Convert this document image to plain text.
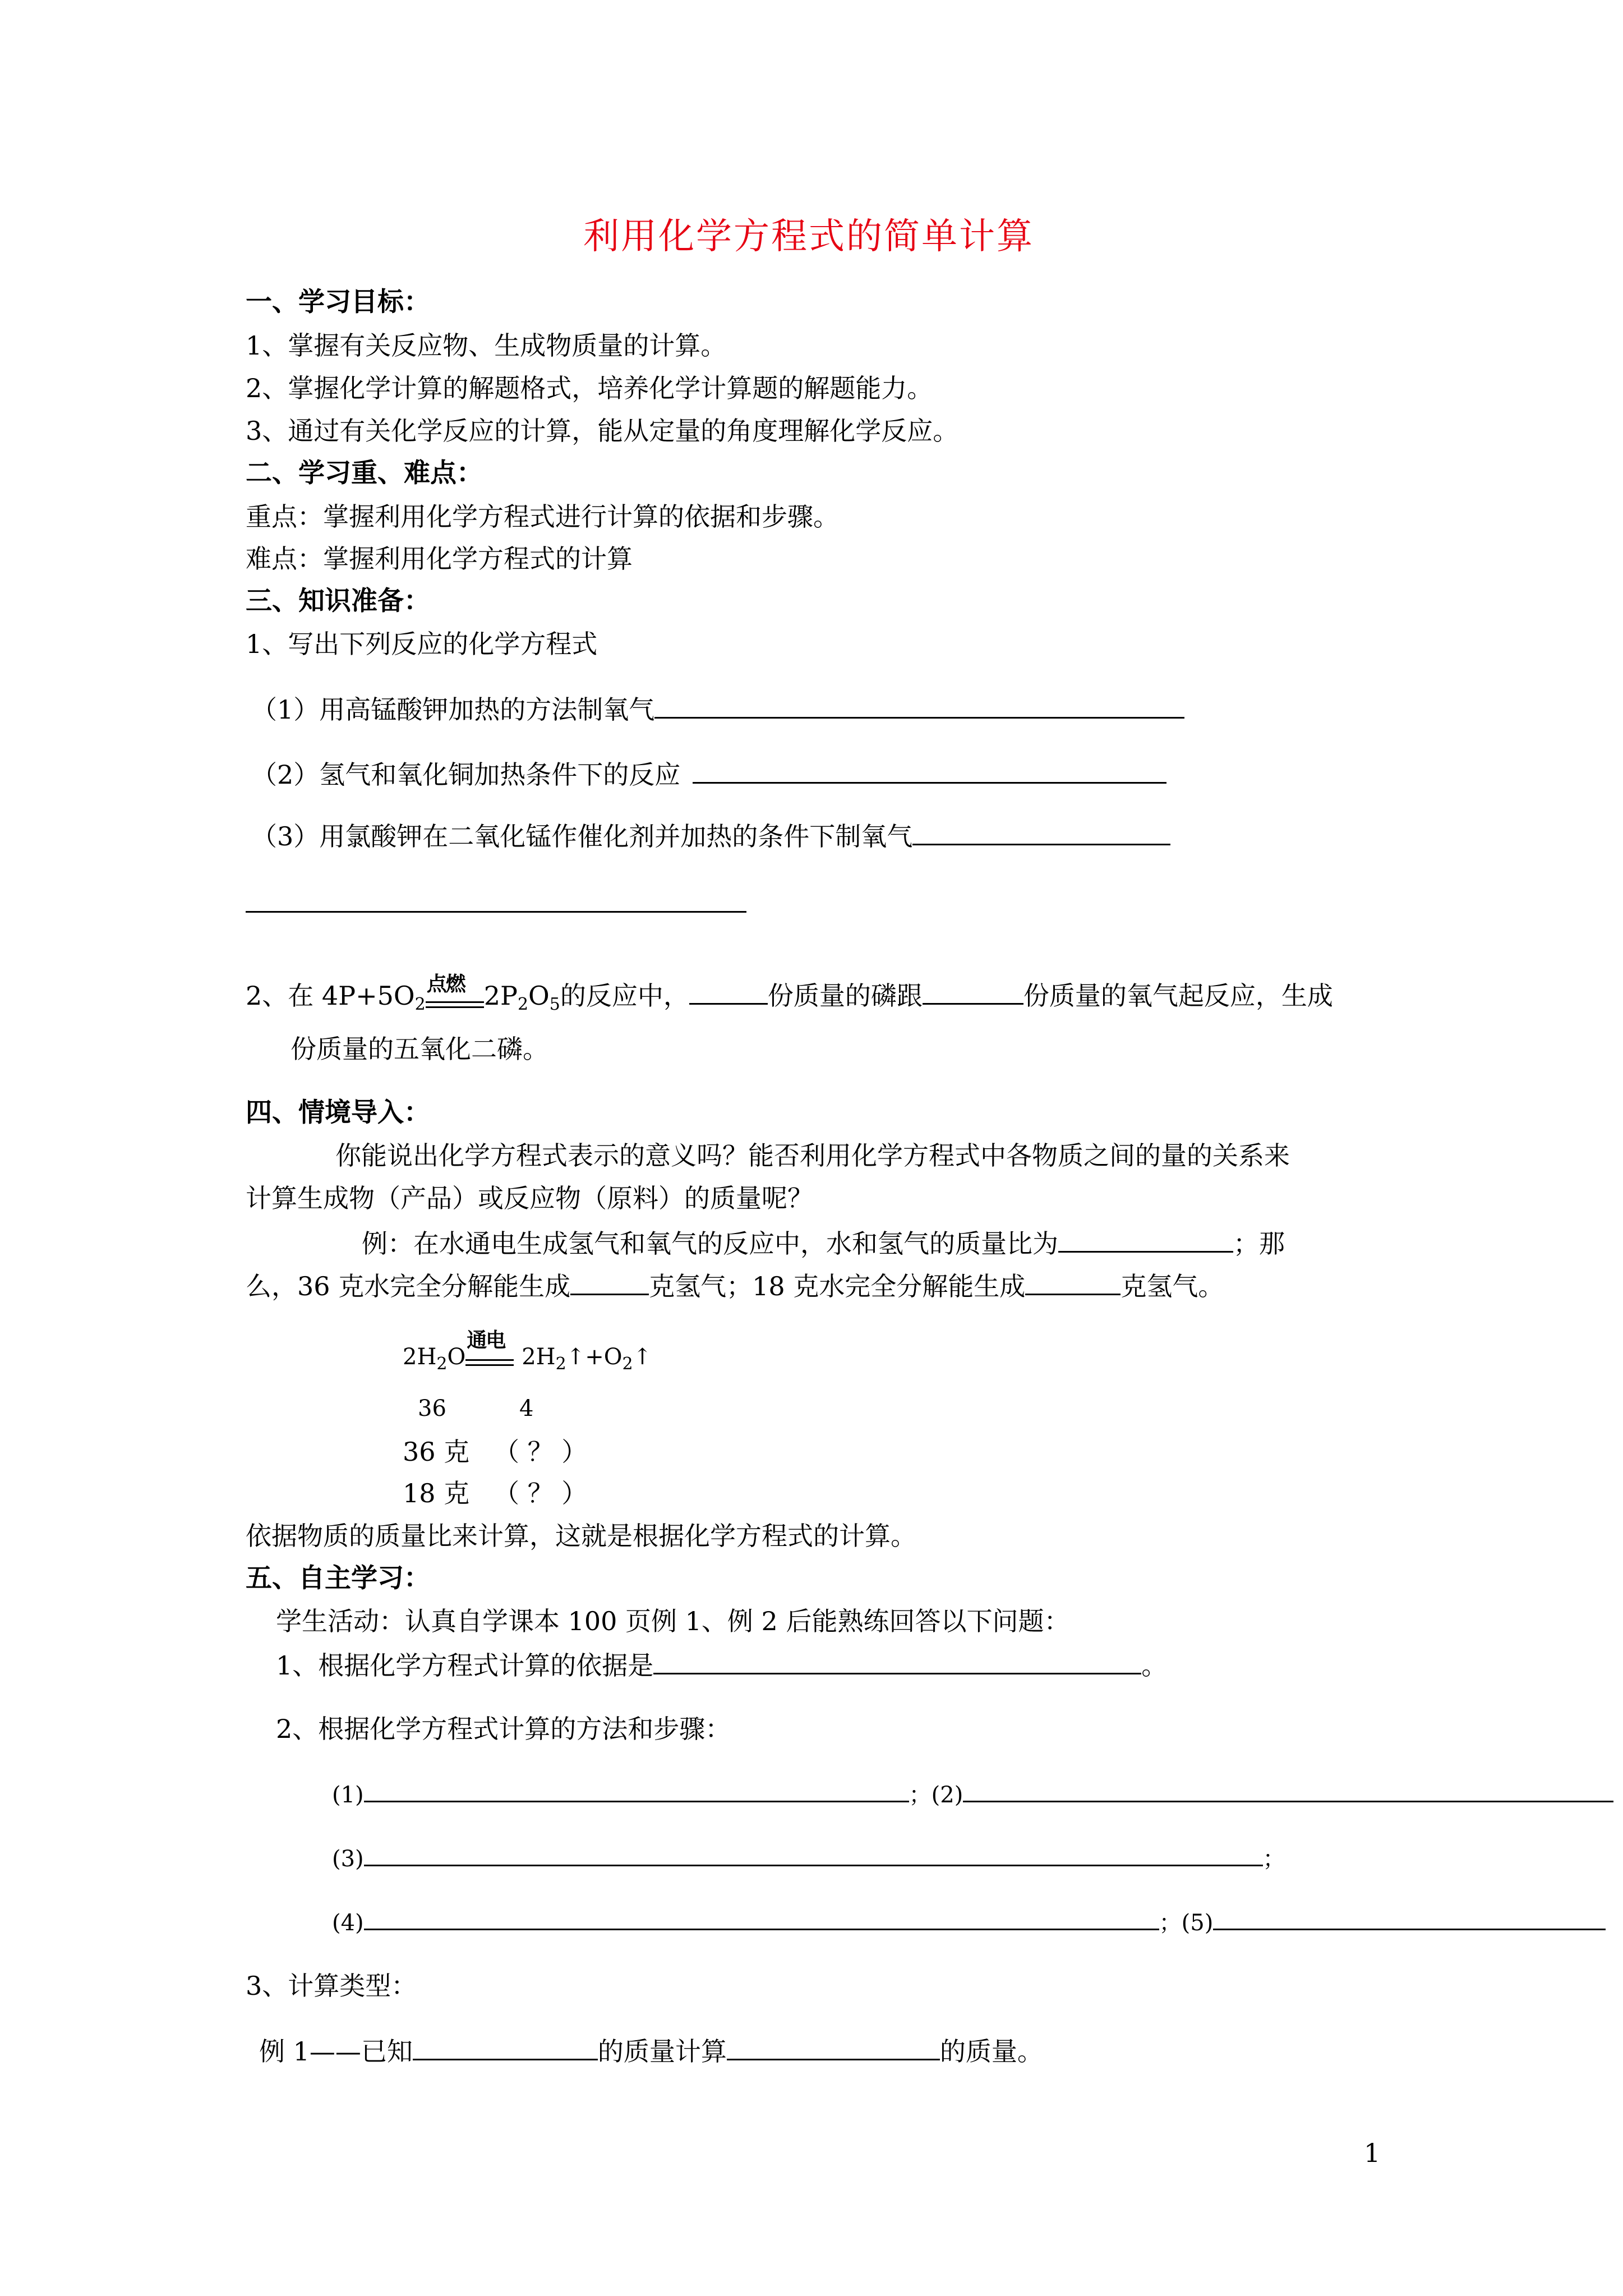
利用化学方程式的简单计算
一、学习目标：
1、掌握有关反应物、生成物质量的计算。
2、掌握化学计算的解题格式，培养化学计算题的解题能力。
3、通过有关化学反应的计算，能从定量的角度理解化学反应。
二、学习重、难点：
重点：掌握利用化学方程式进行计算的依据和步骤。
难点：掌握利用化学方程式的计算
三、知识准备：
1、写出下列反应的化学方程式
（1）用高锰酸钾加热的方法制氧气
（2）氢气和氧化铜加热条件下的反应
（3）用氯酸钾在二氧化锰作催化剂并加热的条件下制氧气
2、在 $4P+5O_2$
点燃 $2P_2O_5$的反应中，	份质量的磷跟	份质量的氧气起反应，生成
份质量的五氧化二磷。
四、情境导入：
你能说出化学方程式表示的意义吗？能否利用化学方程式中各物质之间的量的关系来
计算生成物（产品）或反应物（原料）的质量呢？
例：在水通电生成氢气和氧气的反应中，水和氢气的质量比为	；那
么，36 克水完全分解能生成	克氢气；18 克水完全分解能生成	克氢气。
$2H_2O$
通电
$2H_2↑+O_2↑$
36	4
36 克 （ ？ ）
18 克 （ ？ ）
依据物质的质量比来计算，这就是根据化学方程式的计算。
五、自主学习：
学生活动：认真自学课本 100 页例 1、例 2 后能熟练回答以下问题：
1、根据化学方程式计算的依据是	。
2、根据化学方程式计算的方法和步骤：
(1)	；(2)
(3)	；
(4)	；(5)
3、计算类型：
例 1——已知	的质量计算	的质量。
1
